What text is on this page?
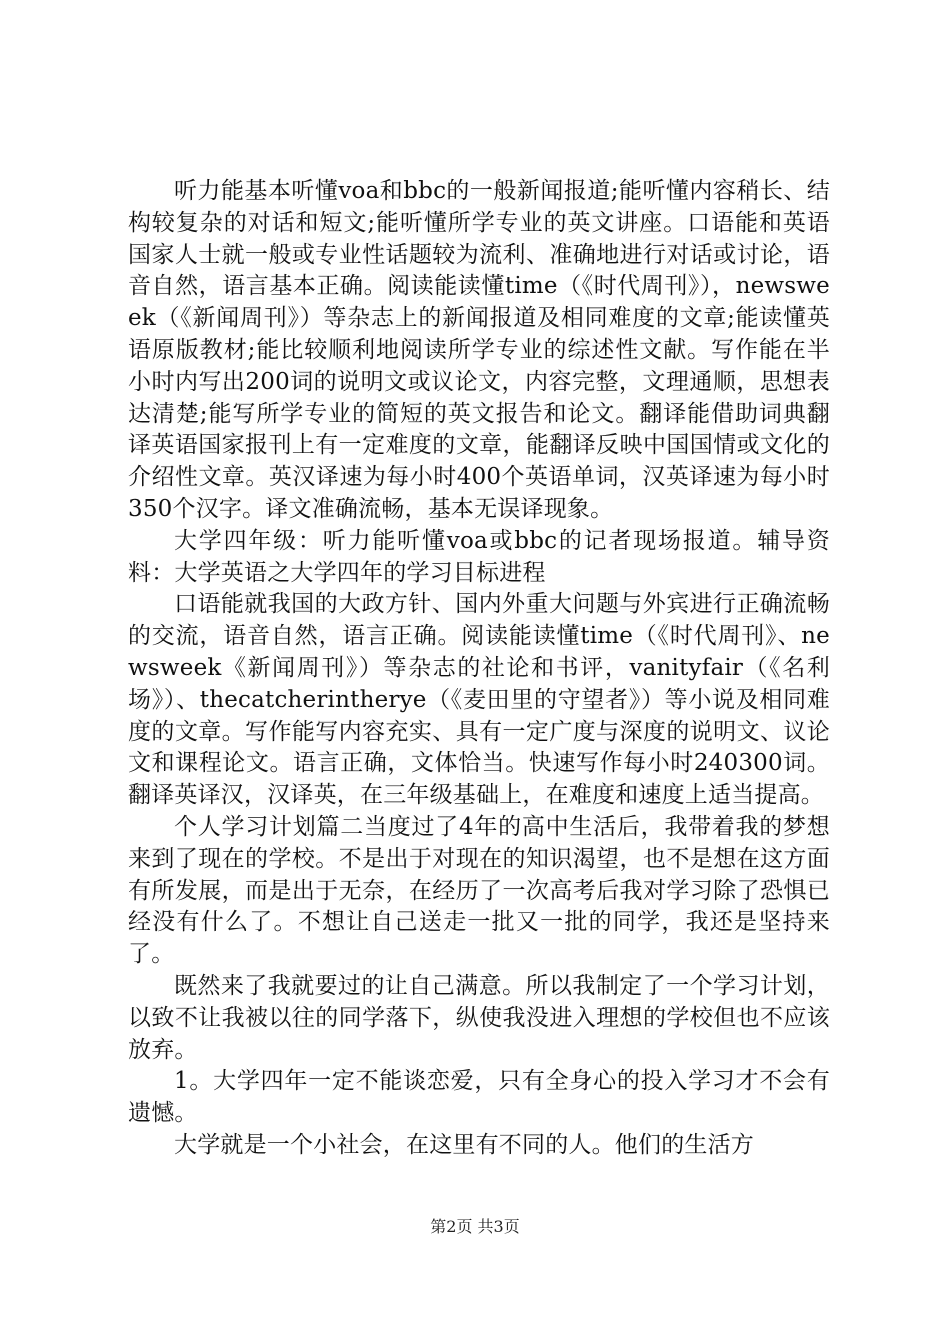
听力能基本听懂voa和bbc的一般新闻报道;能听懂内容稍长、结构较复杂的对话和短文;能听懂所学专业的英文讲座。口语能和英语国家人士就一般或专业性话题较为流利、准确地进行对话或讨论，语音自然，语言基本正确。阅读能读懂time（《时代周刊》），newsweek（《新闻周刊》）等杂志上的新闻报道及相同难度的文章;能读懂英语原版教材;能比较顺利地阅读所学专业的综述性文献。写作能在半小时内写出200词的说明文或议论文，内容完整，文理通顺，思想表达清楚;能写所学专业的简短的英文报告和论文。翻译能借助词典翻译英语国家报刊上有一定难度的文章，能翻译反映中国国情或文化的介绍性文章。英汉译速为每小时400个英语单词，汉英译速为每小时350个汉字。译文准确流畅，基本无误译现象。

大学四年级：听力能听懂voa或bbc的记者现场报道。辅导资料：大学英语之大学四年的学习目标进程

口语能就我国的大政方针、国内外重大问题与外宾进行正确流畅的交流，语音自然，语言正确。阅读能读懂time（《时代周刊》、newsweek《新闻周刊》）等杂志的社论和书评，vanityfair（《名利场》）、thecatcherintherye（《麦田里的守望者》）等小说及相同难度的文章。写作能写内容充实、具有一定广度与深度的说明文、议论文和课程论文。语言正确，文体恰当。快速写作每小时240300词。翻译英译汉，汉译英，在三年级基础上，在难度和速度上适当提高。

个人学习计划篇二当度过了4年的高中生活后，我带着我的梦想来到了现在的学校。不是出于对现在的知识渴望，也不是想在这方面有所发展，而是出于无奈，在经历了一次高考后我对学习除了恐惧已经没有什么了。不想让自己送走一批又一批的同学，我还是坚持来了。

既然来了我就要过的让自己满意。所以我制定了一个学习计划，以致不让我被以往的同学落下，纵使我没进入理想的学校但也不应该放弃。

1。大学四年一定不能谈恋爱，只有全身心的投入学习才不会有遗憾。

大学就是一个小社会，在这里有不同的人。他们的生活方

第2页 共3页
